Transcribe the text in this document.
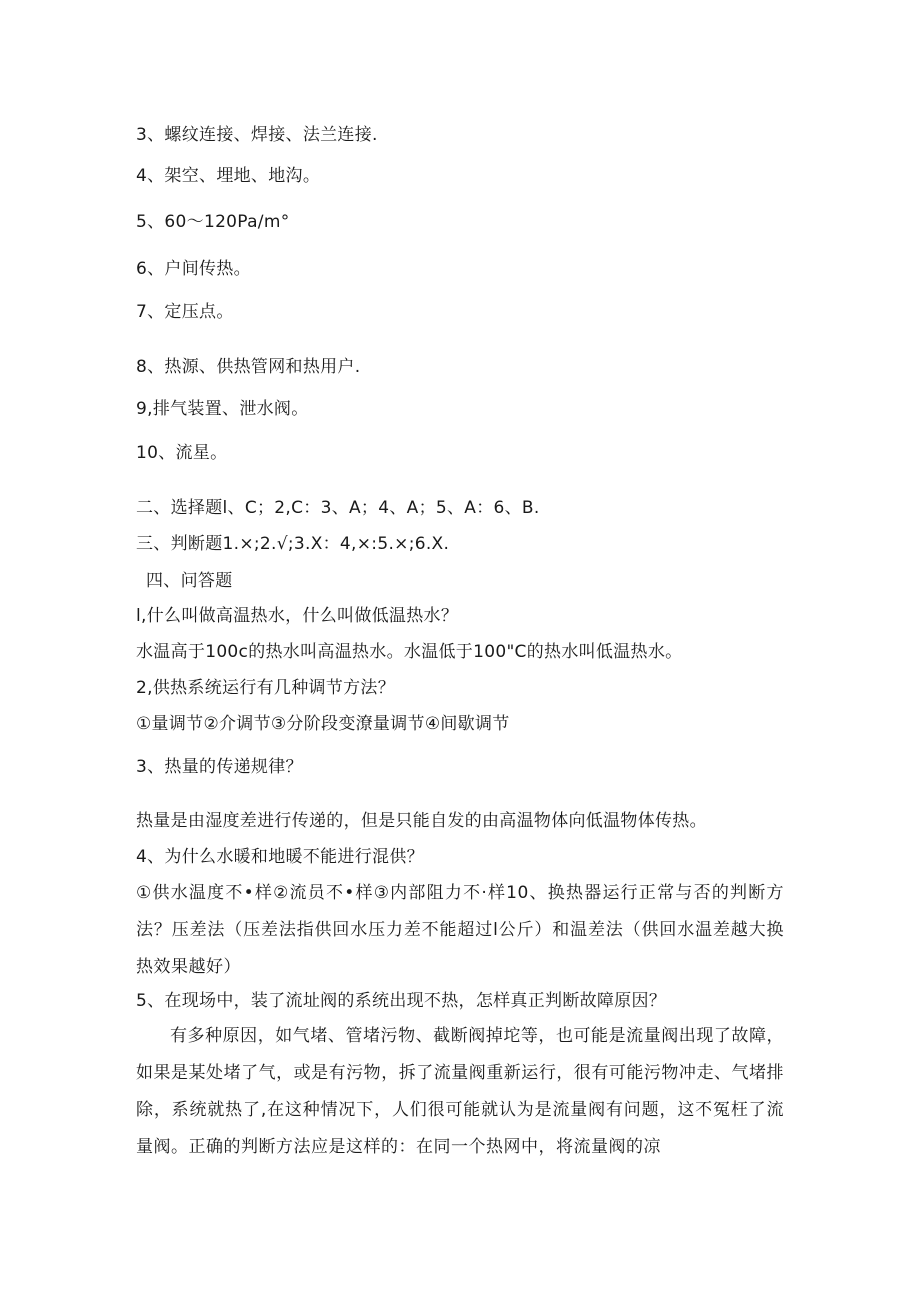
3、螺纹连接、焊接、法兰连接.
4、架空、埋地、地沟。
5、60～120Pa∕m°
6、户间传热。
7、定压点。
8、热源、供热管网和热用户.
9,排气装置、泄水阀。
10、流星。
二、选择题l、C；2,C：3、A；4、A；5、A：6、B.
三、判断题1.×;2.√;3.X：4,×:5.×;6.X.
四、问答题
l,什么叫做高温热水，什么叫做低温热水？
水温高于100c的热水叫高温热水。水温低于100"C的热水叫低温热水。
2,供热系统运行有几种调节方法？
①量调节②介调节③分阶段变潦量调节④间歇调节
3、热量的传递规律？
热量是由湿度差进行传递的，但是只能自发的由高温物体向低温物体传热。
4、为什么水暖和地暖不能进行混供？
①供水温度不•样②流员不•样③内部阻力不·样10、换热器运行正常与否的判断方法？压差法（压差法指供回水压力差不能超过l公斤）和温差法（供回水温差越大换热效果越好）
5、在现场中，装了流址阀的系统出现不热，怎样真正判断故障原因？
有多种原因，如气堵、管堵污物、截断阀掉坨等，也可能是流量阀出现了故障，如果是某处堵了气，或是有污物，拆了流量阀重新运行，很有可能污物冲走、气堵排除，系统就热了,在这种情况下，人们很可能就认为是流量阀有问题，这不冤枉了流量阀。正确的判断方法应是这样的：在同一个热网中，将流量阀的凉
